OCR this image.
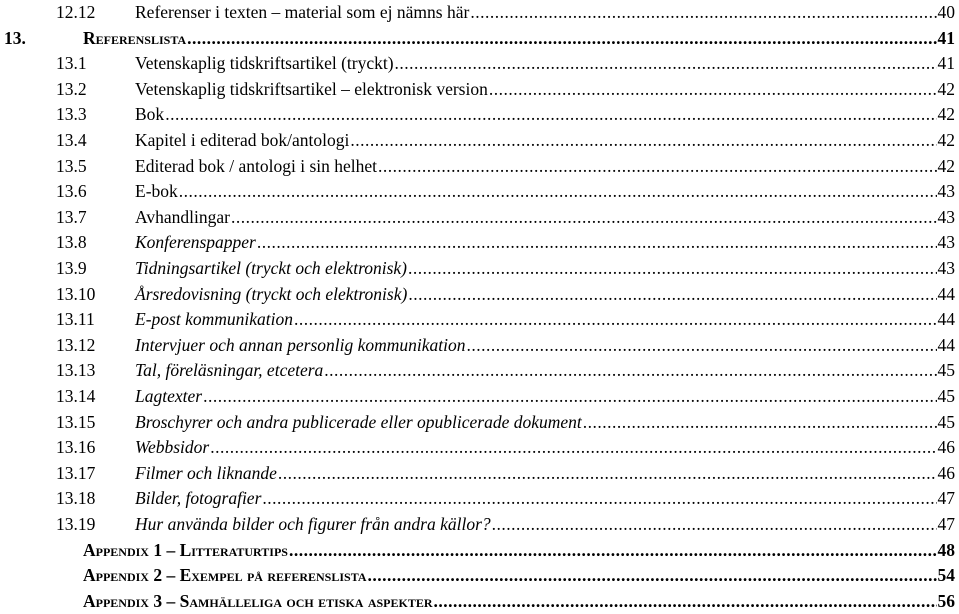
12.12	Referenser i texten – material som ej nämns här .....	40
13.	Referenslista .....	41
13.1	Vetenskaplig tidskriftsartikel (tryckt) .....	41
13.2	Vetenskaplig tidskriftsartikel – elektronisk version .....	42
13.3	Bok .....	42
13.4	Kapitel i editerad bok/antologi .....	42
13.5	Editerad bok / antologi i sin helhet .....	42
13.6	E-bok .....	43
13.7	Avhandlingar .....	43
13.8	Konferenspapper .....	43
13.9	Tidningsartikel (tryckt och elektronisk) .....	43
13.10	Årsredovisning (tryckt och elektronisk) .....	44
13.11	E-post kommunikation .....	44
13.12	Intervjuer och annan personlig kommunikation .....	44
13.13	Tal, föreläsningar, etcetera .....	45
13.14	Lagtexter .....	45
13.15	Broschyrer och andra publicerade eller opublicerade dokument .....	45
13.16	Webbsidor .....	46
13.17	Filmer och liknande .....	46
13.18	Bilder, fotografier .....	47
13.19	Hur använda bilder och figurer från andra källor? .....	47
Appendix 1 – Litteraturtips .....	48
Appendix 2 – Exempel på referenslista .....	54
Appendix 3 – Samhälleliga och etiska aspekter .....	56
